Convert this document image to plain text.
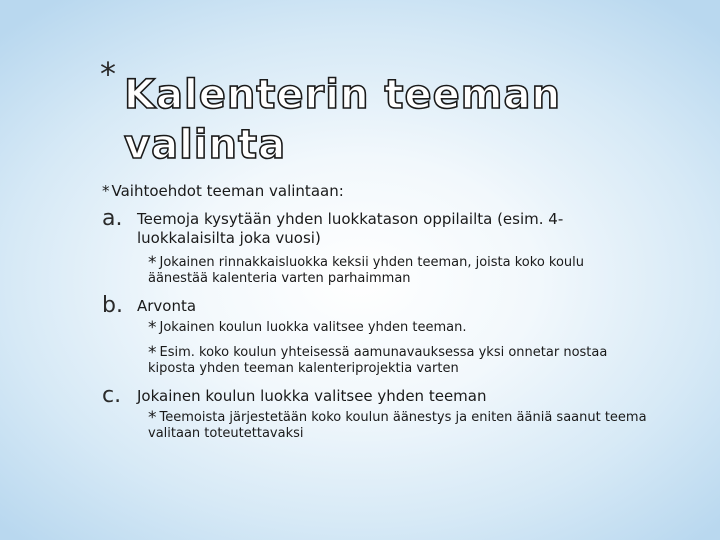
* Kalenterin teeman valinta
* Vaihtoehdot teeman valintaan:
a. Teemoja kysytään yhden luokkatason oppilailta (esim. 4-luokkalaisilta joka vuosi)
* Jokainen rinnakkaisluokka keksii yhden teeman, joista koko koulu äänestää kalenteria varten parhaimman
b. Arvonta
* Jokainen koulun luokka valitsee yhden teeman.
* Esim. koko koulun yhteisessä aamunavauksessa yksi onnetar nostaa kiposta yhden teeman kalenteriprojektia varten
c. Jokainen koulun luokka valitsee yhden teeman
* Teemoista järjestetään koko koulun äänestys ja eniten ääniä saanut teema valitaan toteutettavaksi
